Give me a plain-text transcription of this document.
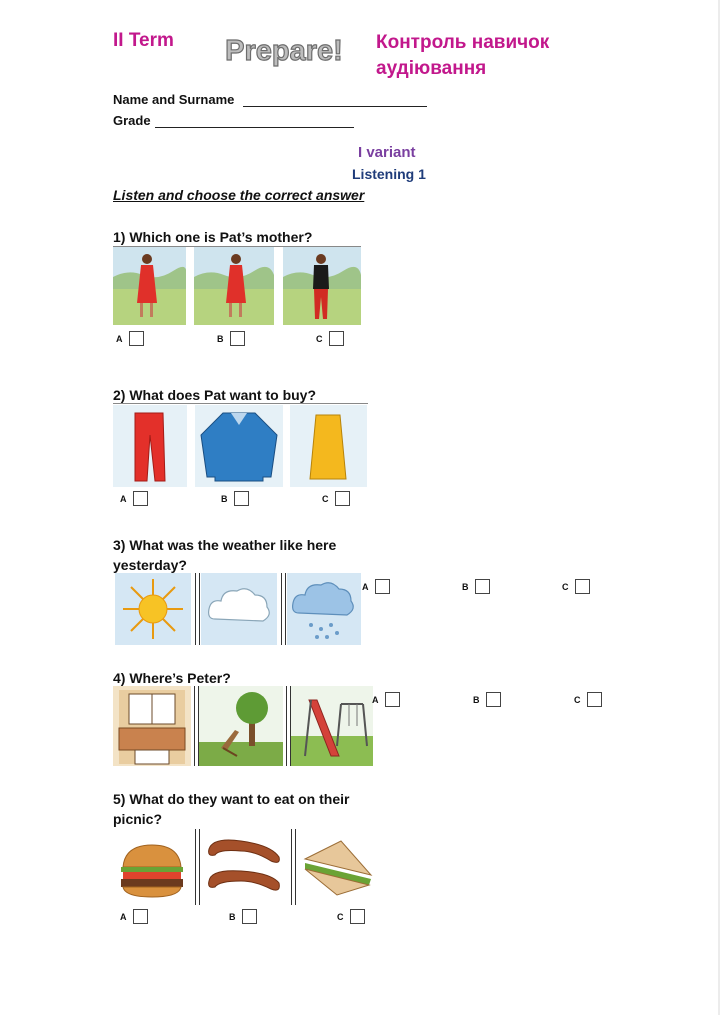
II Term Prepare! Контроль навичок
аудіювання
Name and Surname
Grade
I variant
Listening 1
Listen and choose the correct answer
1) Which one is Pat’s mother?
A	B	C
2) What does Pat want to buy?
A	B	C
3) What was the weather like here
yesterday?
A	B	C
4) Where’s Peter?
A	B	C
5) What do they want to eat on their
picnic?
A	B	C
